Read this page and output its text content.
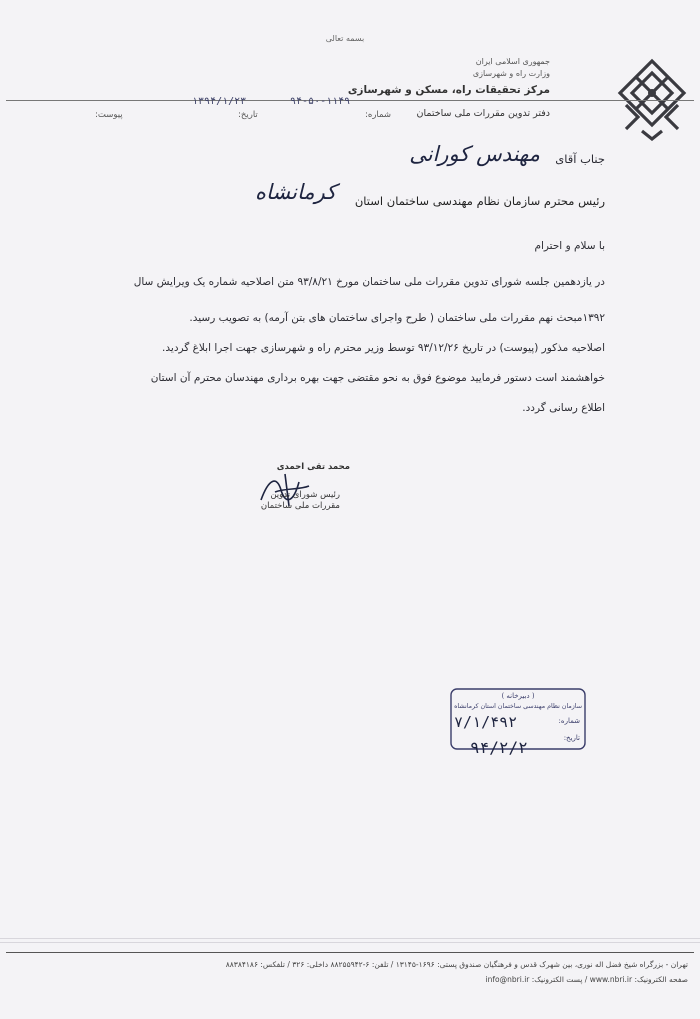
بسمه تعالی
جمهوری اسلامی ایران
وزارت راه و شهرسازی
مرکز تحقیقات راه، مسکن و شهرسازی
دفتر تدوین مقررات ملی ساختمان
شماره:
۹۴-۵۰-۱۱۴۹
تاریخ:
۱۳۹۴/۱/۲۳
پیوست:
جناب آقای
مهندس کورانی
رئیس محترم سازمان نظام مهندسی ساختمان استان
کرمانشاه
با سلام و احترام
در یازدهمین جلسه شورای تدوین مقررات ملی ساختمان مورخ ۹۳/۸/۲۱ متن اصلاحیه شماره یک ویرایش سال
۱۳۹۲مبحث نهم مقررات ملی ساختمان ( طرح واجرای ساختمان های بتن آرمه) به تصویب رسید.
اصلاحیه مذکور (پیوست) در تاریخ ۹۳/۱۲/۲۶ توسط وزیر محترم راه و شهرسازی جهت اجرا ابلاغ گردید.
خواهشمند است دستور فرمایید موضوع فوق به نحو مقتضی جهت بهره برداری مهندسان محترم آن استان
اطلاع رسانی گردد.
محمد تقی احمدی
رئیس شورای تدوین
مقررات ملی ساختمان
( دبیرخانه )
سازمان نظام مهندسی ساختمان استان کرمانشاه
شماره:
۷/۱/۴۹۲
تاریخ:
۹۴/۲/۲
تهران - بزرگراه شیخ فضل اله نوری، بین شهرک قدس و فرهنگیان صندوق پستی: ۱۶۹۶-۱۳۱۴۵ / تلفن: ۶-۸۸۲۵۵۹۴۲ داخلی: ۳۲۶ / تلفکس: ۸۸۳۸۴۱۸۶
صفحه الکترونیک: www.nbri.ir / پست الکترونیک: info@nbri.ir
